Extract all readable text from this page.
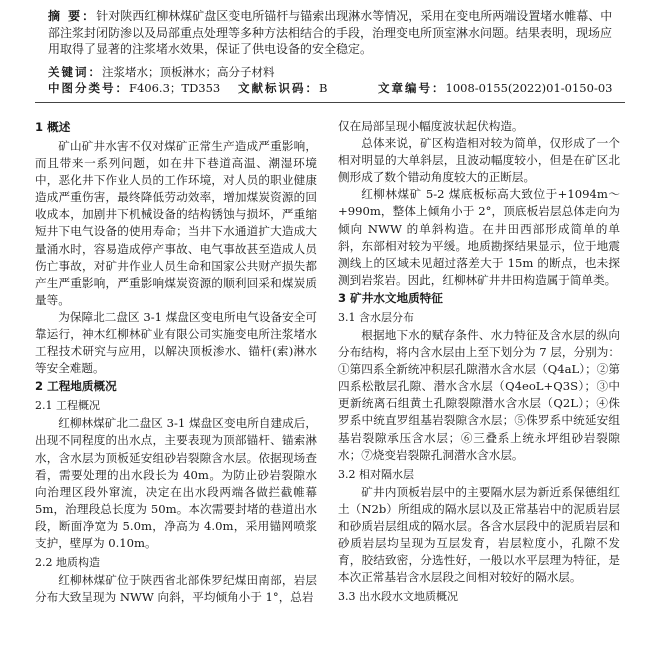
摘 要：针对陕西红柳林煤矿盘区变电所锚杆与锚索出现淋水等情况，采用在变电所两端设置堵水帷幕、中部注浆封闭防渗以及局部重点处理等多种方法相结合的手段，治理变电所顶室淋水问题。结果表明，现场应用取得了显著的注浆堵水效果，保证了供电设备的安全稳定。

关键词：注浆堵水；顶板淋水；高分子材料
中图分类号：F406.3；TD353 文献标识码：B	文章编号：1008-0155(2022)01-0150-03
1 概述

矿山矿井水害不仅对煤矿正常生产造成严重影响，而且带来一系列问题，如在井下巷道高温、潮湿环境中，恶化井下作业人员的工作环境，对人员的职业健康造成严重伤害，最终降低劳动效率，增加煤炭资源的回收成本，加剧井下机械设备的结构锈蚀与损坏，严重缩短井下电气设备的使用寿命；当井下水通道扩大造成大量涌水时，容易造成停产事故、电气事故甚至造成人员伤亡事故，对矿井作业人员生命和国家公共财产损失都产生严重影响，严重影响煤炭资源的顺利回采和煤炭质量等。

为保障北二盘区 3-1 煤盘区变电所电气设备安全可靠运行，神木红柳林矿业有限公司实施变电所注浆堵水工程技术研究与应用，以解决顶板渗水、锚杆(索)淋水等安全难题。

2 工程地质概况
2.1 工程概况

红柳林煤矿北二盘区 3-1 煤盘区变电所自建成后，出现不同程度的出水点，主要表现为顶部锚杆、锚索淋水，含水层为顶板延安组砂岩裂隙含水层。依据现场查看，需要处理的出水段长为 40m。为防止砂岩裂隙水向治理区段外窜流，决定在出水段两端各做拦截帷幕 5m，治理段总长度为 50m。本次需要封堵的巷道出水段，断面净宽为 5.0m，净高为 4.0m，采用锚网喷浆支护，壁厚为 0.10m。

2.2 地质构造

红柳林煤矿位于陕西省北部侏罗纪煤田南部，岩层分布大致呈现为 NWW 向斜，平均倾角小于 1°，总岩

仅在局部呈现小幅度波状起伏构造。

总体来说，矿区构造相对较为简单，仅形成了一个相对明显的大单斜层，且波动幅度较小，但是在矿区北侧形成了数个错动角度较大的正断层。

红柳林煤矿 5-2 煤底板标高大致位于+1094m～+990m，整体上倾角小于 2°，顶底板岩层总体走向为倾向 NWW 的单斜构造。在井田西部形成简单的单斜，东部相对较为平缓。地质勘探结果显示，位于地震测线上的区域未见超过落差大于 15m 的断点，也未探测到岩浆岩。因此，红柳林矿井井田构造属于简单类。

3 矿井水文地质特征
3.1 含水层分布

根据地下水的赋存条件、水力特征及含水层的纵向分布结构，将内含水层由上至下划分为 7 层，分别为：①第四系全新统冲积层孔隙潜水含水层（Q4aL）；②第四系松散层孔隙、潜水含水层（Q4eoL+Q3S）；③中更新统离石组黄土孔隙裂隙潜水含水层（Q2L）；④侏罗系中统直罗组基岩裂隙含水层；⑤侏罗系中统延安组基岩裂隙承压含水层；⑥三叠系上统永坪组砂岩裂隙水；⑦烧变岩裂隙孔洞潜水含水层。

3.2 相对隔水层

矿井内顶板岩层中的主要隔水层为新近系保德组红土（N2b）所组成的隔水层以及正常基岩中的泥质岩层和砂质岩层组成的隔水层。各含水层段中的泥质岩层和砂质岩层均呈现为互层发育，岩层粒度小，孔隙不发育，胶结致密，分选性好，一般以水平层理为特征，是本次正常基岩含水层段之间相对较好的隔水层。

3.3 出水段水文地质概况
